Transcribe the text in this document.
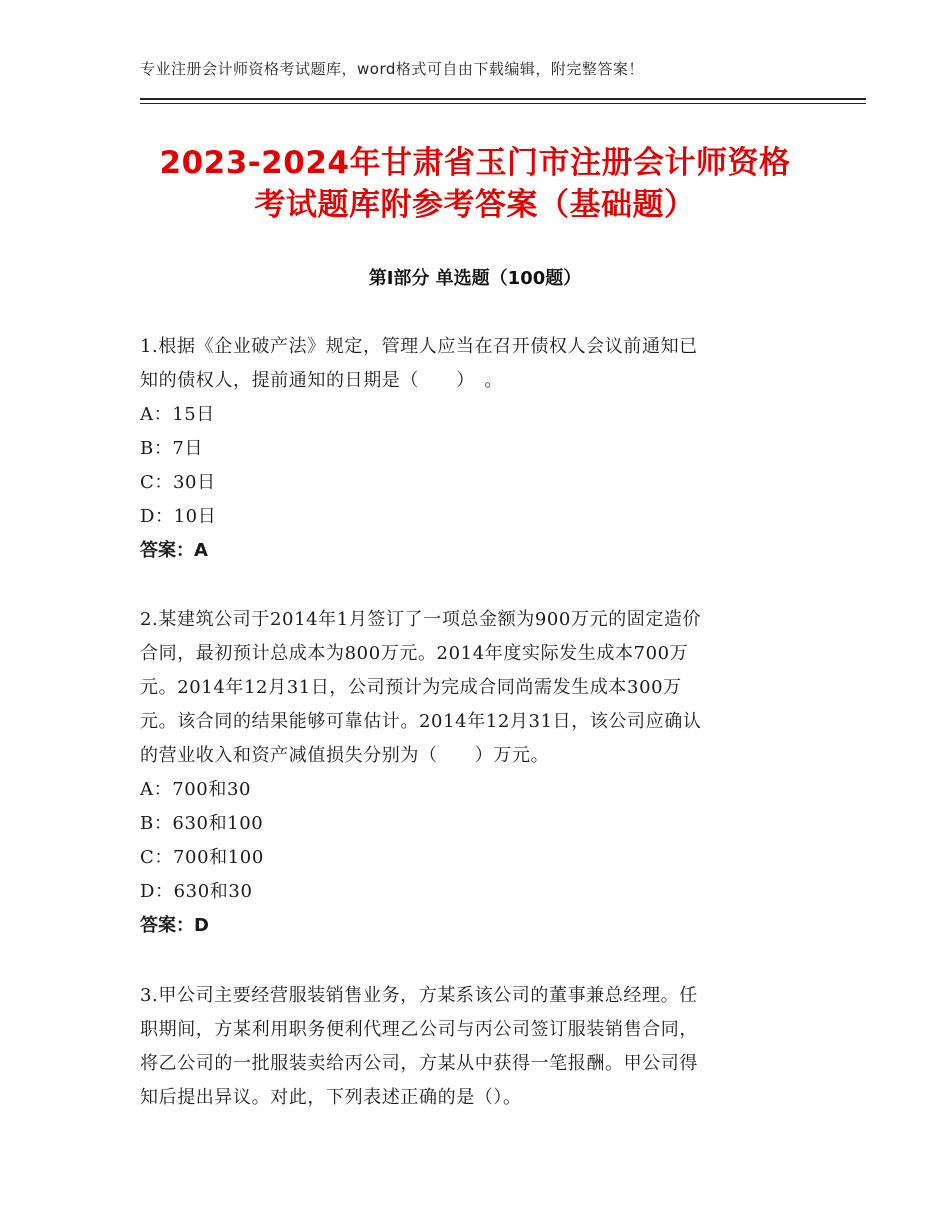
专业注册会计师资格考试题库，word格式可自由下载编辑，附完整答案！
2023-2024年甘肃省玉门市注册会计师资格
考试题库附参考答案（基础题）
第Ⅰ部分 单选题（100题）

1.根据《企业破产法》规定，管理人应当在召开债权人会议前通知已

知的债权人，提前通知的日期是（　　）　。

A：15日

B：7日

C：30日

D：10日

答案：A

2.某建筑公司于2014年1月签订了一项总金额为900万元的固定造价

合同，最初预计总成本为800万元。2014年度实际发生成本700万

元。2014年12月31日，公司预计为完成合同尚需发生成本300万

元。该合同的结果能够可靠估计。2014年12月31日，该公司应确认

的营业收入和资产减值损失分别为（　　）万元。

A：700和30

B：630和100

C：700和100

D：630和30

答案：D

3.甲公司主要经营服装销售业务，方某系该公司的董事兼总经理。任

职期间，方某利用职务便利代理乙公司与丙公司签订服装销售合同，

将乙公司的一批服装卖给丙公司，方某从中获得一笔报酬。甲公司得

知后提出异议。对此，下列表述正确的是（）。
